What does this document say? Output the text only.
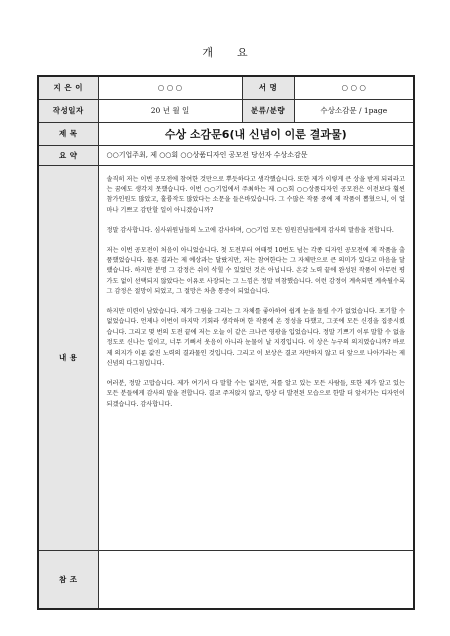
개 요
지 은 이	○ ○ ○	서 명	○ ○ ○
작성일자	20 년 월 일	분류/분량	수상소감문 / 1page
제 목	수상 소감문6(내 신념이 이룬 결과물)		
요 약	○○기업주최, 제 ○○회 ○○상품디자인 공모전 당선자 수상소감문		
내 용	솔직히 저는 이번 공모전에 참여한 것만으로 뿌듯하다고 생각했습니다. 또한 제가 이렇게 큰 상을 받게 되리라고는 꿈에도 생각지 못했습니다. 이번 ○○기업에서 주최하는 제 ○○회 ○○상품디자인 공모전은 이전보다 훨씬 참가인원도 많았고, 훌륭작도 많았다는 소문을 들은바있습니다. 그 수많은 작품 중에 제 작품이 뽑혔으니, 이 얼마나 기쁘고 감탄할 일이 아니겠습니까?

정말 감사합니다. 심사위원님들의 노고에 감사하며, ○○기업 모든 임원진님들에게 감사의 말씀을 전합니다.

저는 이번 공모전이 처음이 아니었습니다. 첫 도전부터 여태껏 10번도 넘는 각종 디자인 공모전에 제 작품을 출품했었습니다. 물론 결과는 제 예상과는 달랐지만, 저는 참여한다는 그 자체만으로 큰 의미가 있다고 마음을 달랬습니다. 하지만 분명 그 감정은 쉬이 삭힐 수 있었던 것은 아닙니다. 온갖 노력 끝에 완성된 작품이 아무런 평가도 없이 선택되지 않았다는 이유로 사장되는 그 느낌은 정말 비참했습니다. 이런 감정이 계속되면 계속될수록 그 감정은 절망이 되었고, 그 절망은 차츰 통증이 되었습니다.

하지만 미련이 남았습니다. 제가 그림을 그리는 그 자체를 좋아하여 쉽게 눈을 돌릴 수가 없었습니다. 포기할 수 없었습니다. 언제나 이번이 마지막 기회라 생각하며 한 작품에 온 정성을 다했고, 그곳에 모든 신경을 집중시켰습니다. 그리고 몇 번의 도전 끝에 저는 오늘 이 같은 크나큰 영광을 입었습니다. 정말 기쁘기 이루 말할 수 없을 정도로 신나는 일이고, 너무 기뻐서 웃음이 아니라 눈물이 날 지경입니다. 이 상은 누구의 의지였습니까? 바로 제 의지가 이룬 값진 노력의 결과물인 것입니다. 그리고 이 보상은 결코 자만하지 않고 더 앞으로 나아가라는 제 신념의 다그침입니다.

여러분, 정말 고맙습니다. 제가 여기서 다 말할 수는 없지만, 저를 알고 있는 모든 사람들, 또한 제가 알고 있는 모든 분들에게 감사의 말을 전합니다. 결코 주저앉지 않고, 항상 더 발전된 모습으로 한발 더 앞서가는 디자인이 되겠습니다. 감사합니다.		

참 조			
